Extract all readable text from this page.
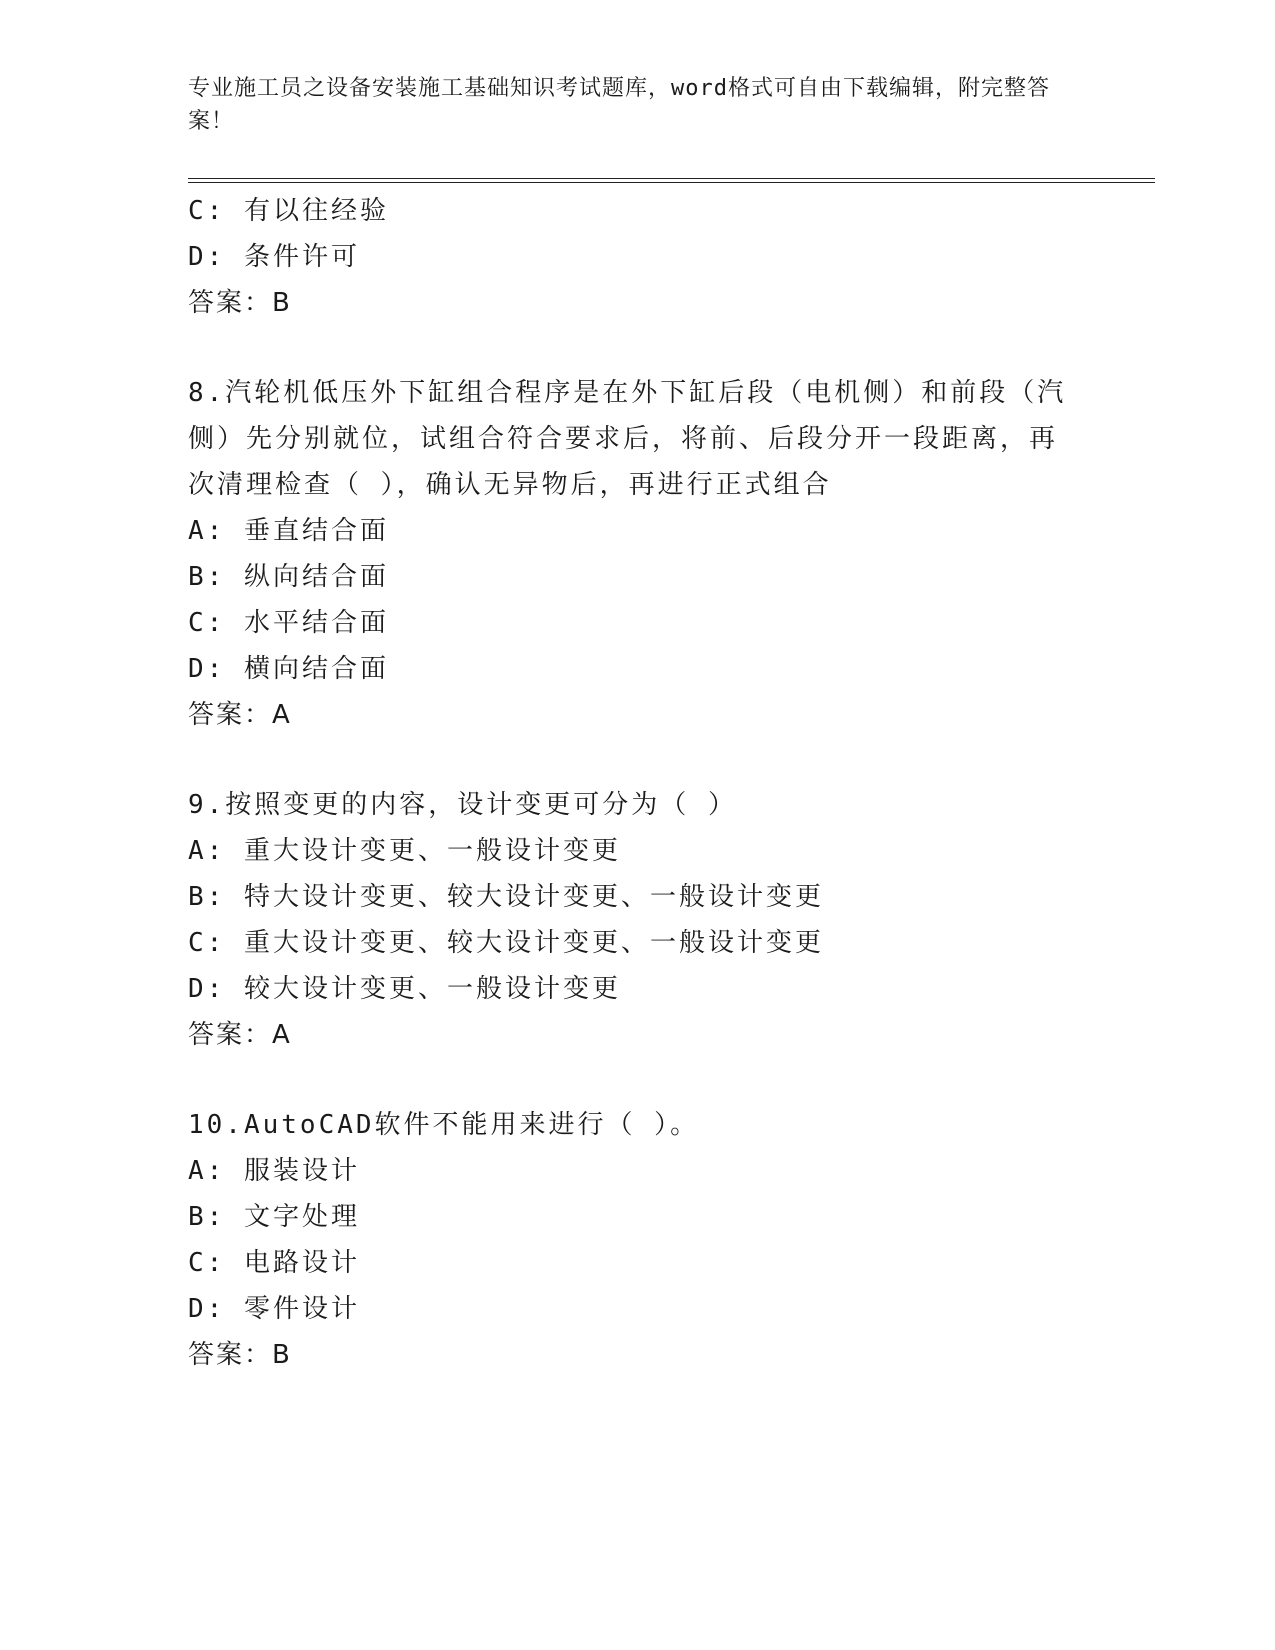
专业施工员之设备安装施工基础知识考试题库，word格式可自由下载编辑，附完整答案！
C: 有以往经验
D: 条件许可
答案：B
8.汽轮机低压外下缸组合程序是在外下缸后段（电机侧）和前段（汽
侧）先分别就位，试组合符合要求后，将前、后段分开一段距离，再
次清理检查（ ），确认无异物后，再进行正式组合
A: 垂直结合面
B: 纵向结合面
C: 水平结合面
D: 横向结合面
答案：A
9.按照变更的内容，设计变更可分为（ ）
A: 重大设计变更、一般设计变更
B: 特大设计变更、较大设计变更、一般设计变更
C: 重大设计变更、较大设计变更、一般设计变更
D: 较大设计变更、一般设计变更
答案：A
10.AutoCAD软件不能用来进行（ ）。
A: 服装设计
B: 文字处理
C: 电路设计
D: 零件设计
答案：B
